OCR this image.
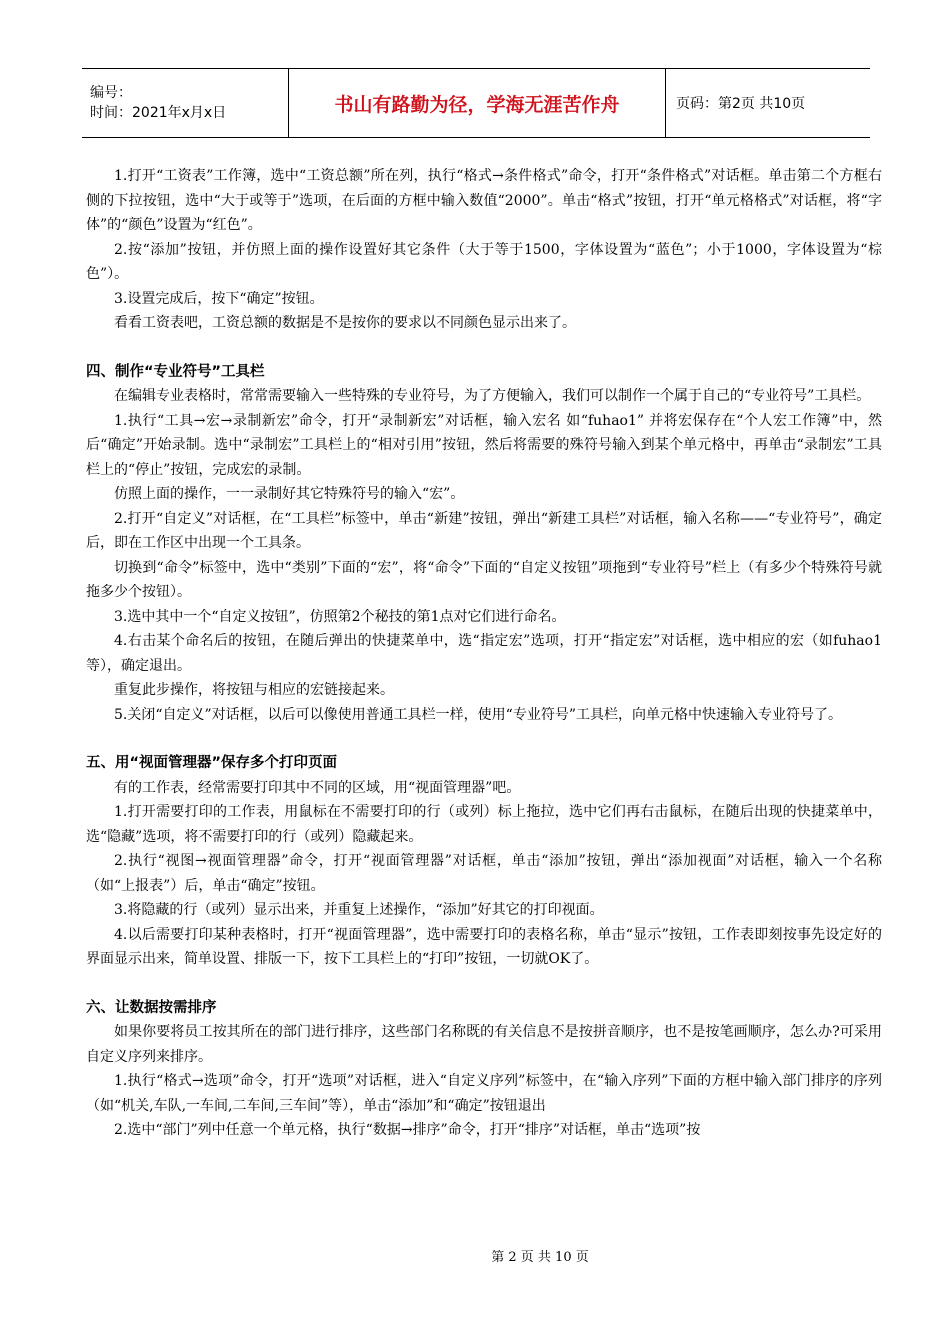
编号：
时间：2021年x月x日	书山有路勤为径，学海无涯苦作舟	页码：第2页 共10页

1.打开“工资表”工作簿，选中“工资总额”所在列，执行“格式→条件格式”命令，打开“条件格式”对话框。单击第二个方框右侧的下拉按钮，选中“大于或等于”选项，在后面的方框中输入数值“2000”。单击“格式”按钮，打开“单元格格式”对话框，将“字体”的“颜色”设置为“红色”。

2.按“添加”按钮，并仿照上面的操作设置好其它条件（大于等于1500，字体设置为“蓝色”；小于1000，字体设置为“棕色”）。

3.设置完成后，按下“确定”按钮。

看看工资表吧，工资总额的数据是不是按你的要求以不同颜色显示出来了。

四、制作“专业符号”工具栏

在编辑专业表格时，常常需要输入一些特殊的专业符号，为了方便输入，我们可以制作一个属于自己的“专业符号”工具栏。

1.执行“工具→宏→录制新宏”命令，打开“录制新宏”对话框，输入宏名 如“fuhao1” 并将宏保存在“个人宏工作簿”中，然后“确定”开始录制。选中“录制宏”工具栏上的“相对引用”按钮，然后将需要的殊符号输入到某个单元格中，再单击“录制宏”工具栏上的“停止”按钮，完成宏的录制。

仿照上面的操作，一一录制好其它特殊符号的输入“宏”。

2.打开“自定义”对话框，在“工具栏”标签中，单击“新建”按钮，弹出“新建工具栏”对话框，输入名称——“专业符号”，确定后，即在工作区中出现一个工具条。

切换到“命令”标签中，选中“类别”下面的“宏”，将“命令”下面的“自定义按钮”项拖到“专业符号”栏上（有多少个特殊符号就拖多少个按钮）。

3.选中其中一个“自定义按钮”，仿照第2个秘技的第1点对它们进行命名。

4.右击某个命名后的按钮，在随后弹出的快捷菜单中，选“指定宏”选项，打开“指定宏”对话框，选中相应的宏（如fuhao1等），确定退出。

重复此步操作，将按钮与相应的宏链接起来。

5.关闭“自定义”对话框，以后可以像使用普通工具栏一样，使用“专业符号”工具栏，向单元格中快速输入专业符号了。

五、用“视面管理器”保存多个打印页面

有的工作表，经常需要打印其中不同的区域，用“视面管理器”吧。

1.打开需要打印的工作表，用鼠标在不需要打印的行（或列）标上拖拉，选中它们再右击鼠标，在随后出现的快捷菜单中，选“隐藏”选项，将不需要打印的行（或列）隐藏起来。

2.执行“视图→视面管理器”命令，打开“视面管理器”对话框，单击“添加”按钮，弹出“添加视面”对话框，输入一个名称（如“上报表”）后，单击“确定”按钮。

3.将隐藏的行（或列）显示出来，并重复上述操作，“添加”好其它的打印视面。

4.以后需要打印某种表格时，打开“视面管理器”，选中需要打印的表格名称，单击“显示”按钮，工作表即刻按事先设定好的界面显示出来，简单设置、排版一下，按下工具栏上的“打印”按钮，一切就OK了。

六、让数据按需排序

如果你要将员工按其所在的部门进行排序，这些部门名称既的有关信息不是按拼音顺序，也不是按笔画顺序，怎么办?可采用自定义序列来排序。

1.执行“格式→选项”命令，打开“选项”对话框，进入“自定义序列”标签中，在“输入序列”下面的方框中输入部门排序的序列（如“机关,车队,一车间,二车间,三车间”等），单击“添加”和“确定”按钮退出

2.选中“部门”列中任意一个单元格，执行“数据→排序”命令，打开“排序”对话框，单击“选项”按

第 2 页 共 10 页
